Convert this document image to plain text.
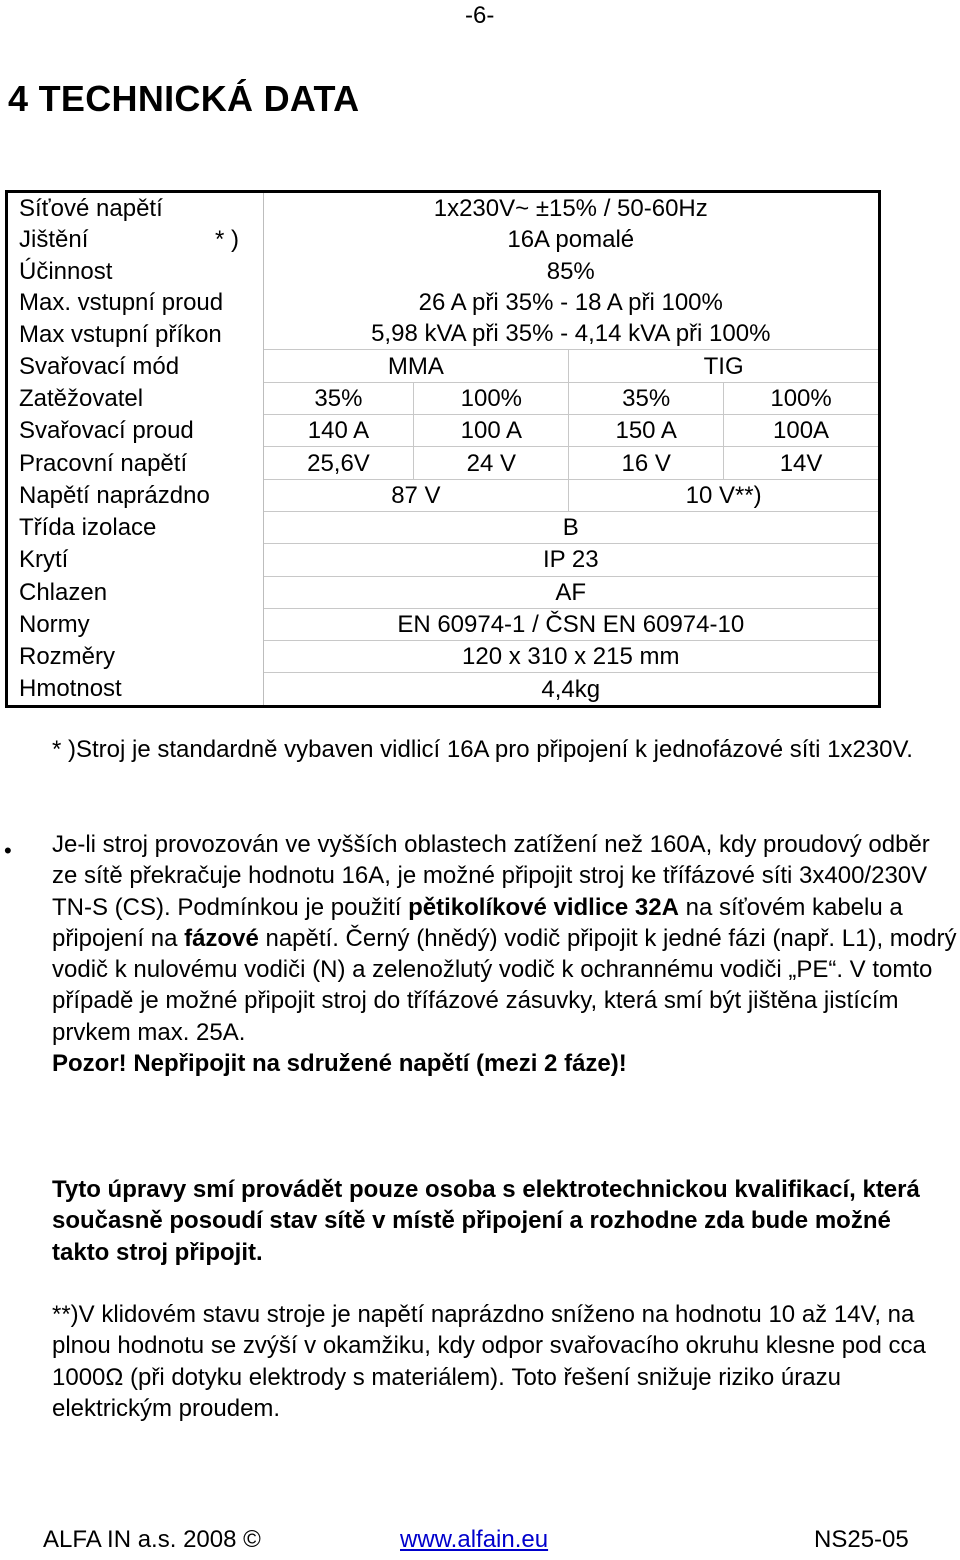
-6-
4 TECHNICKÁ DATA
Síťové napětí	1x230V~ ±15% / 50-60Hz			
Jištění * )	16A pomalé			
Účinnost	85%			
Max. vstupní proud	26 A při 35% - 18 A při 100%			
Max vstupní příkon	5,98 kVA při 35% - 4,14 kVA při 100%			
Svařovací mód	MMA		TIG	
Zatěžovatel	35%	100%	35%	100%
Svařovací proud	140 A	100 A	150 A	100A
Pracovní napětí	25,6V	24 V	16 V	14V
Napětí naprázdno	87 V		10 V**)	
Třída izolace	B			
Krytí	IP 23			
Chlazen	AF			
Normy	EN 60974-1 / ČSN EN 60974-10			
Rozměry	120 x 310 x 215 mm			
Hmotnost	4,4kg			
* )Stroj je standardně vybaven vidlicí 16A pro připojení k jednofázové síti 1x230V.
• Je-li stroj provozován ve vyšších oblastech zatížení než 160A, kdy proudový odběr ze sítě překračuje hodnotu 16A, je možné připojit stroj ke třífázové síti 3x400/230V TN-S (CS). Podmínkou je použití pětikolíkové vidlice 32A na síťovém kabelu a připojení na fázové napětí. Černý (hnědý) vodič připojit k jedné fázi (např. L1), modrý vodič k nulovému vodiči (N) a zelenožlutý vodič k ochrannému vodiči „PE“. V tomto případě je možné připojit stroj do třífázové zásuvky, která smí být jištěna jistícím prvkem max. 25A.
Pozor! Nepřipojit na sdružené napětí (mezi 2 fáze)!
Tyto úpravy smí provádět pouze osoba s elektrotechnickou kvalifikací, která současně posoudí stav sítě v místě připojení a rozhodne zda bude možné takto stroj připojit.
**)V klidovém stavu stroje je napětí naprázdno sníženo na hodnotu 10 až 14V, na plnou hodnotu se zvýší v okamžiku, kdy odpor svařovacího okruhu klesne pod cca 1000Ω (při dotyku elektrody s materiálem). Toto řešení snižuje riziko úrazu elektrickým proudem.
ALFA IN a.s. 2008 ©	www.alfain.eu	NS25-05
